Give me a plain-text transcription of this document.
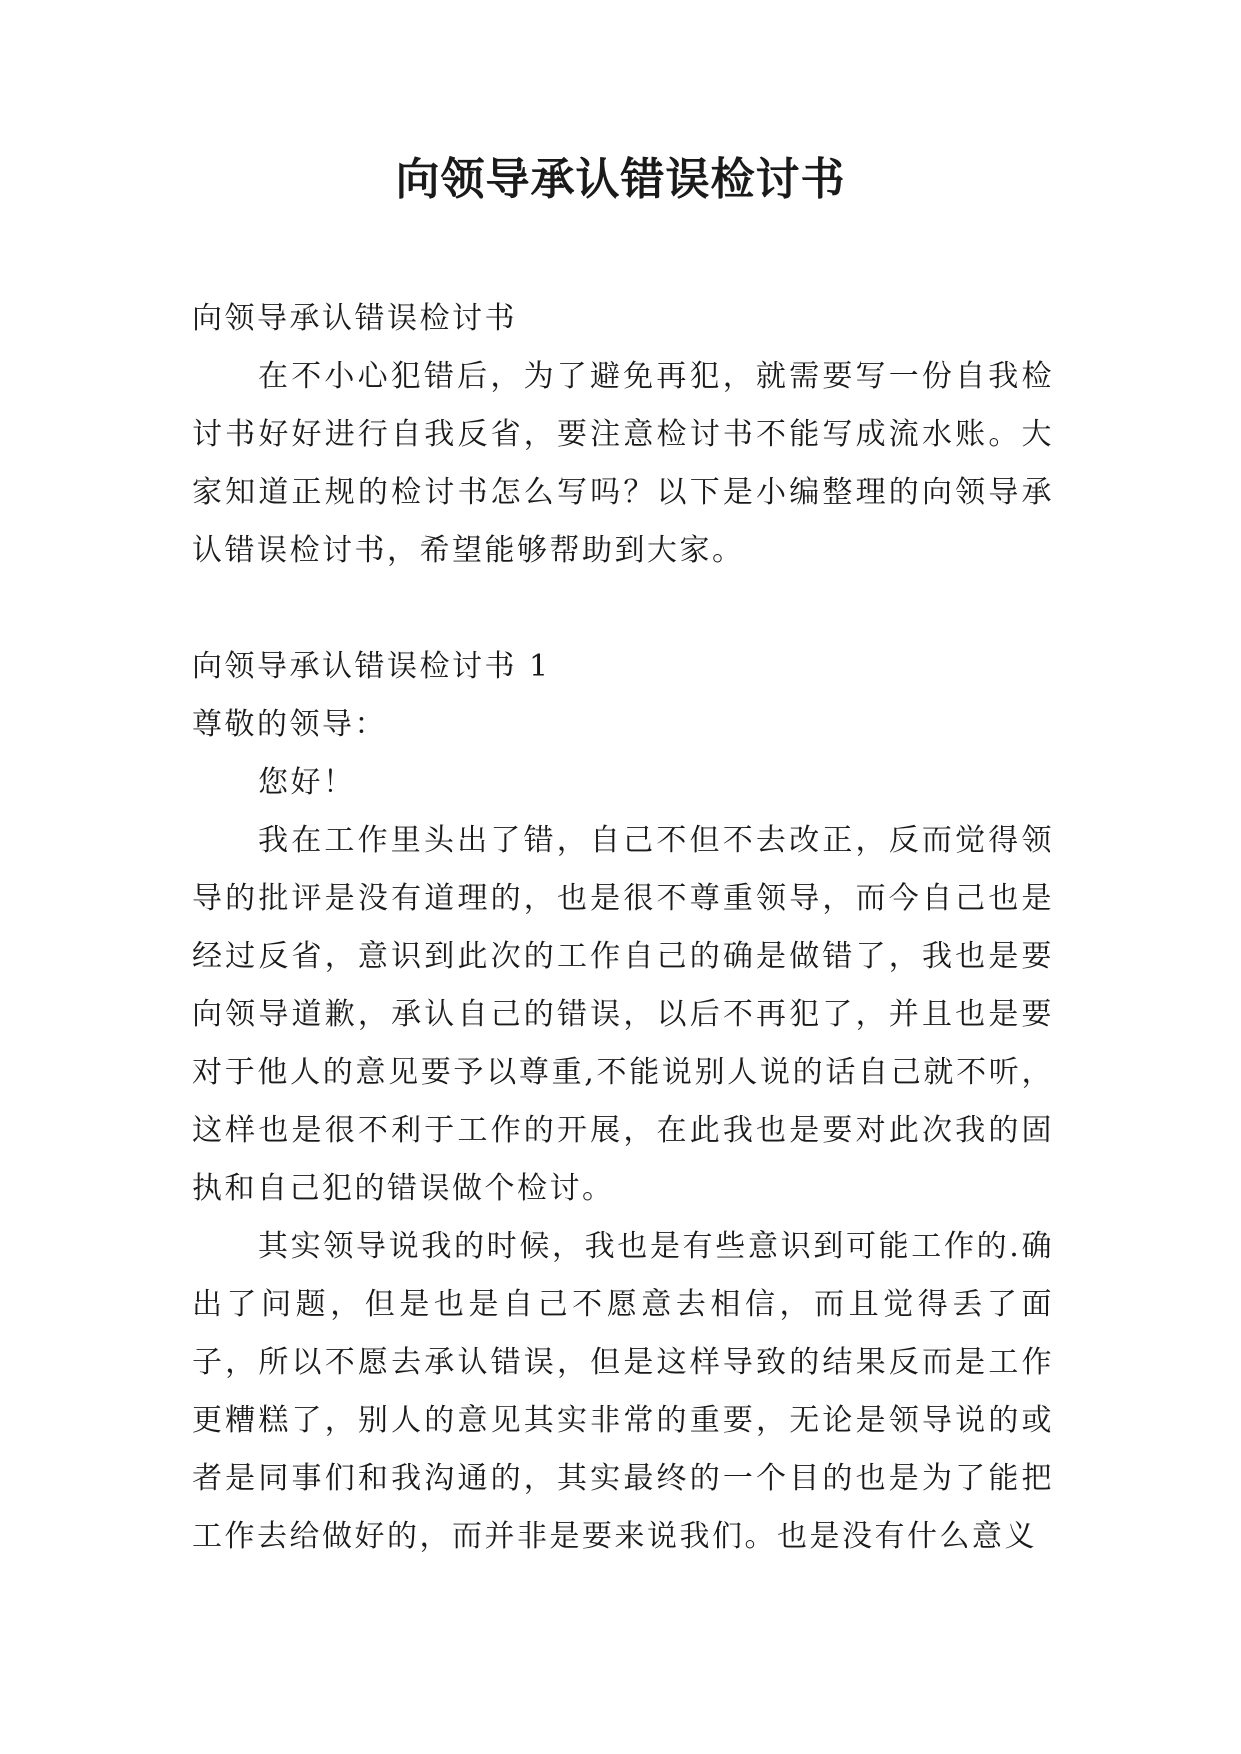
向领导承认错误检讨书

向领导承认错误检讨书

在不小心犯错后，为了避免再犯，就需要写一份自我检讨书好好进行自我反省，要注意检讨书不能写成流水账。大家知道正规的检讨书怎么写吗？以下是小编整理的向领导承认错误检讨书，希望能够帮助到大家。

向领导承认错误检讨书 1

尊敬的领导：

您好！

我在工作里头出了错，自己不但不去改正，反而觉得领导的批评是没有道理的，也是很不尊重领导，而今自己也是经过反省，意识到此次的工作自己的确是做错了，我也是要向领导道歉，承认自己的错误，以后不再犯了，并且也是要对于他人的意见要予以尊重,不能说别人说的话自己就不听，这样也是很不利于工作的开展，在此我也是要对此次我的固执和自己犯的错误做个检讨。

其实领导说我的时候，我也是有些意识到可能工作的.确出了问题，但是也是自己不愿意去相信，而且觉得丢了面子，所以不愿去承认错误，但是这样导致的结果反而是工作更糟糕了，别人的意见其实非常的重要，无论是领导说的或者是同事们和我沟通的，其实最终的一个目的也是为了能把工作去给做好的，而并非是要来说我们。也是没有什么意义
